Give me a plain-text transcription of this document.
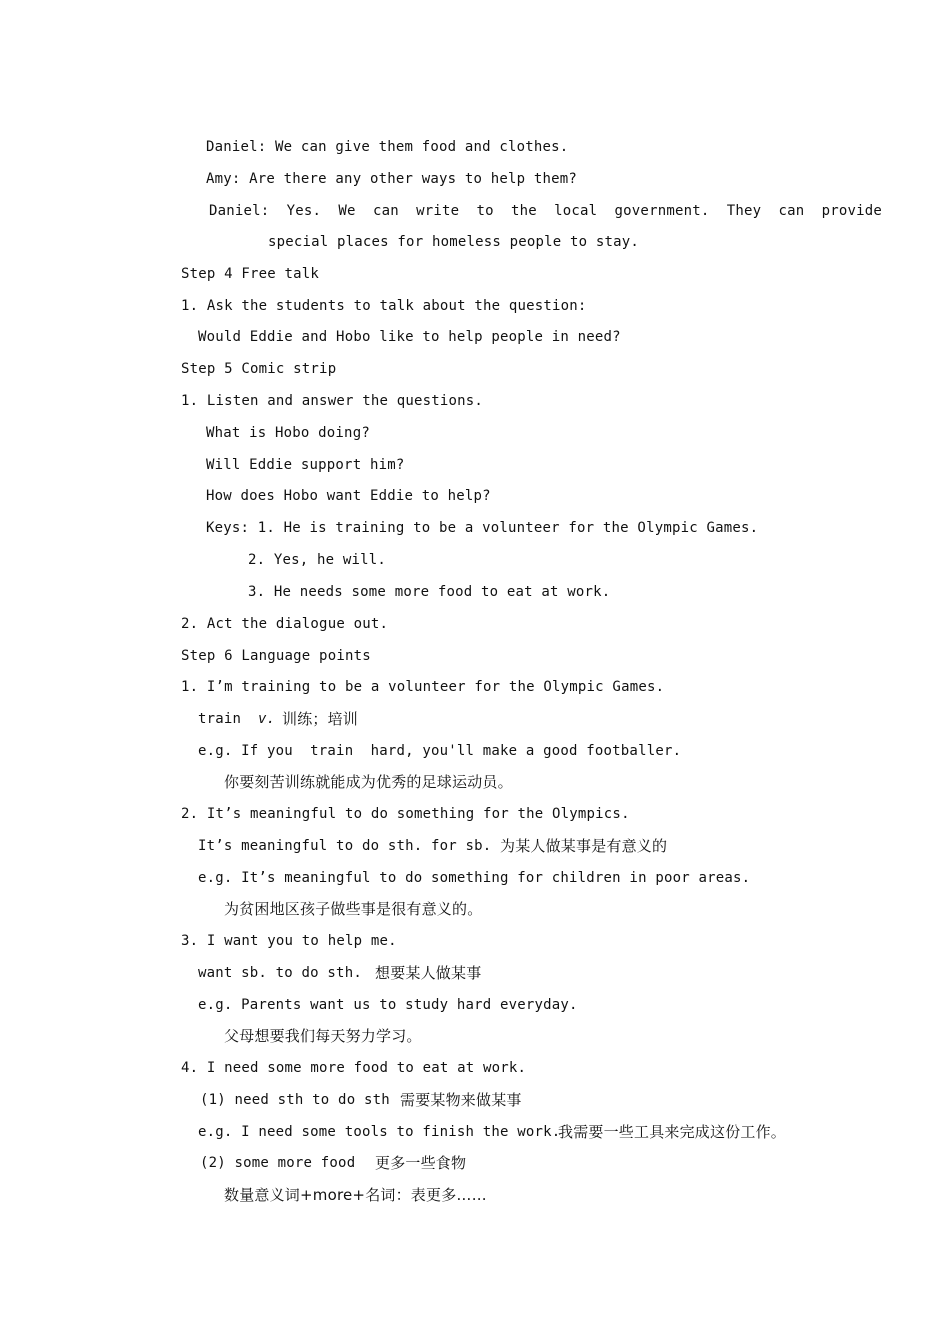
Daniel: We can give them food and clothes.
Amy: Are there any other ways to help them?
Daniel:  Yes.  We  can  write  to  the  local  government.  They  can  provide
special places for homeless people to stay.
Step 4 Free talk
1. Ask the students to talk about the question:
Would Eddie and Hobo like to help people in need?
Step 5 Comic strip
1. Listen and answer the questions.
What is Hobo doing?
Will Eddie support him?
How does Hobo want Eddie to help?
Keys: 1. He is training to be a volunteer for the Olympic Games.
2. Yes, he will.
3. He needs some more food to eat at work.
2. Act the dialogue out.
Step 6 Language points
1. I’m training to be a volunteer for the Olympic Games.
train v. 训练；培训
e.g. If you  train  hard, you'll make a good footballer.
你要刻苦训练就能成为优秀的足球运动员。
2. It’s meaningful to do something for the Olympics.
It’s meaningful to do sth. for sb. 为某人做某事是有意义的
e.g. It’s meaningful to do something for children in poor areas.
为贫困地区孩子做些事是很有意义的。
3. I want you to help me.
want sb. to do sth. 想要某人做某事
e.g. Parents want us to study hard everyday.
父母想要我们每天努力学习。
4. I need some more food to eat at work.
(1) need sth to do sth 需要某物来做某事
e.g. I need some tools to finish the work.
我需要一些工具来完成这份工作。
(2) some more food 更多一些食物
数量意义词+more+名词：表更多……
